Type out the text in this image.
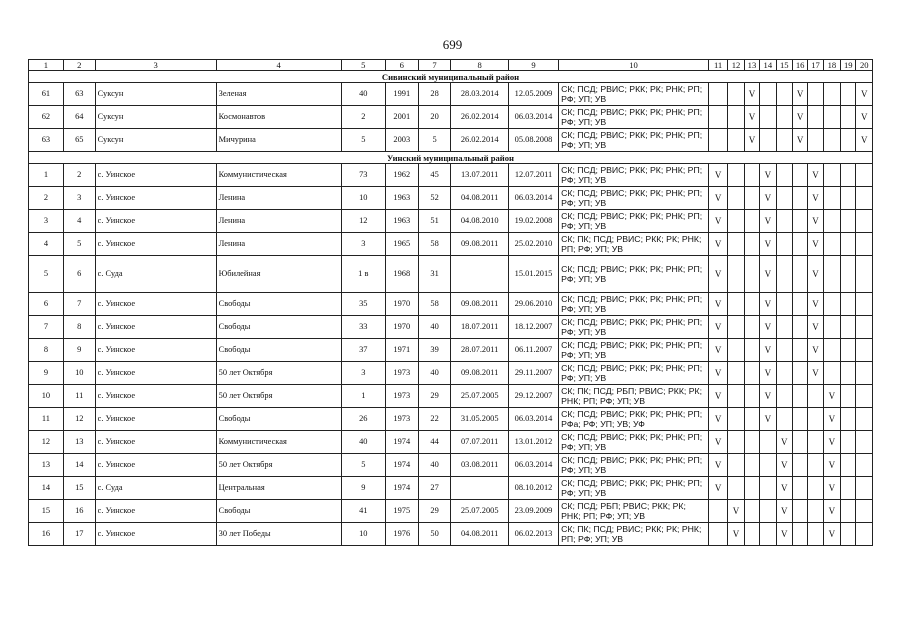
699
1	2	3	4	5	6	7	8	9	10	11	12	13	14	15	16	17	18	19	20
Сивинский муниципальный район																			
61	63	Суксун	Зеленая	40	1991	28	28.03.2014	12.05.2009	СК; ПСД; РВИС; РКК; РК; РНК; РП; РФ; УП; УВ			V			V				V
62	64	Суксун	Космонавтов	2	2001	20	26.02.2014	06.03.2014	СК; ПСД; РВИС; РКК; РК; РНК; РП; РФ; УП; УВ			V			V				V
63	65	Суксун	Мичурина	5	2003	5	26.02.2014	05.08.2008	СК; ПСД; РВИС; РКК; РК; РНК; РП; РФ; УП; УВ			V			V				V
Уинский муниципальный район																			
1	2	с. Уинское	Коммунистическая	73	1962	45	13.07.2011	12.07.2011	СК; ПСД; РВИС; РКК; РК; РНК; РП; РФ; УП; УВ	V			V			V			
2	3	с. Уинское	Ленина	10	1963	52	04.08.2011	06.03.2014	СК; ПСД; РВИС; РКК; РК; РНК; РП; РФ; УП; УВ	V			V			V			
3	4	с. Уинское	Ленина	12	1963	51	04.08.2010	19.02.2008	СК; ПСД; РВИС; РКК; РК; РНК; РП; РФ; УП; УВ	V			V			V			
4	5	с. Уинское	Ленина	3	1965	58	09.08.2011	25.02.2010	СК; ПК; ПСД; РВИС; РКК; РК; РНК; РП; РФ; УП; УВ	V			V			V			
5	6	с. Суда	Юбилейная	1 в	1968	31		15.01.2015	СК; ПСД; РВИС; РКК; РК; РНК; РП; РФ; УП; УВ	V			V			V			
6	7	с. Уинское	Свободы	35	1970	58	09.08.2011	29.06.2010	СК; ПСД; РВИС; РКК; РК; РНК; РП; РФ; УП; УВ	V			V			V			
7	8	с. Уинское	Свободы	33	1970	40	18.07.2011	18.12.2007	СК; ПСД; РВИС; РКК; РК; РНК; РП; РФ; УП; УВ	V			V			V			
8	9	с. Уинское	Свободы	37	1971	39	28.07.2011	06.11.2007	СК; ПСД; РВИС; РКК; РК; РНК; РП; РФ; УП; УВ	V			V			V			
9	10	с. Уинское	50 лет Октября	3	1973	40	09.08.2011	29.11.2007	СК; ПСД; РВИС; РКК; РК; РНК; РП; РФ; УП; УВ	V			V			V			
10	11	с. Уинское	50 лет Октября	1	1973	29	25.07.2005	29.12.2007	СК; ПК; ПСД; РБП; РВИС; РКК; РК; РНК; РП; РФ; УП; УВ	V			V				V		
11	12	с. Уинское	Свободы	26	1973	22	31.05.2005	06.03.2014	СК; ПСД; РВИС; РКК; РК; РНК; РП; РФа; РФ; УП; УВ; УФ	V			V				V		
12	13	с. Уинское	Коммунистическая	40	1974	44	07.07.2011	13.01.2012	СК; ПСД; РВИС; РКК; РК; РНК; РП; РФ; УП; УВ	V				V			V		
13	14	с. Уинское	50 лет Октября	5	1974	40	03.08.2011	06.03.2014	СК; ПСД; РВИС; РКК; РК; РНК; РП; РФ; УП; УВ	V				V			V		
14	15	с. Суда	Центральная	9	1974	27		08.10.2012	СК; ПСД; РВИС; РКК; РК; РНК; РП; РФ; УП; УВ	V				V			V		
15	16	с. Уинское	Свободы	41	1975	29	25.07.2005	23.09.2009	СК; ПСД; РБП; РВИС; РКК; РК; РНК; РП; РФ; УП; УВ		V			V			V		
16	17	с. Уинское	30 лет Победы	10	1976	50	04.08.2011	06.02.2013	СК; ПК; ПСД; РВИС; РКК; РК; РНК; РП; РФ; УП; УВ		V			V			V		
